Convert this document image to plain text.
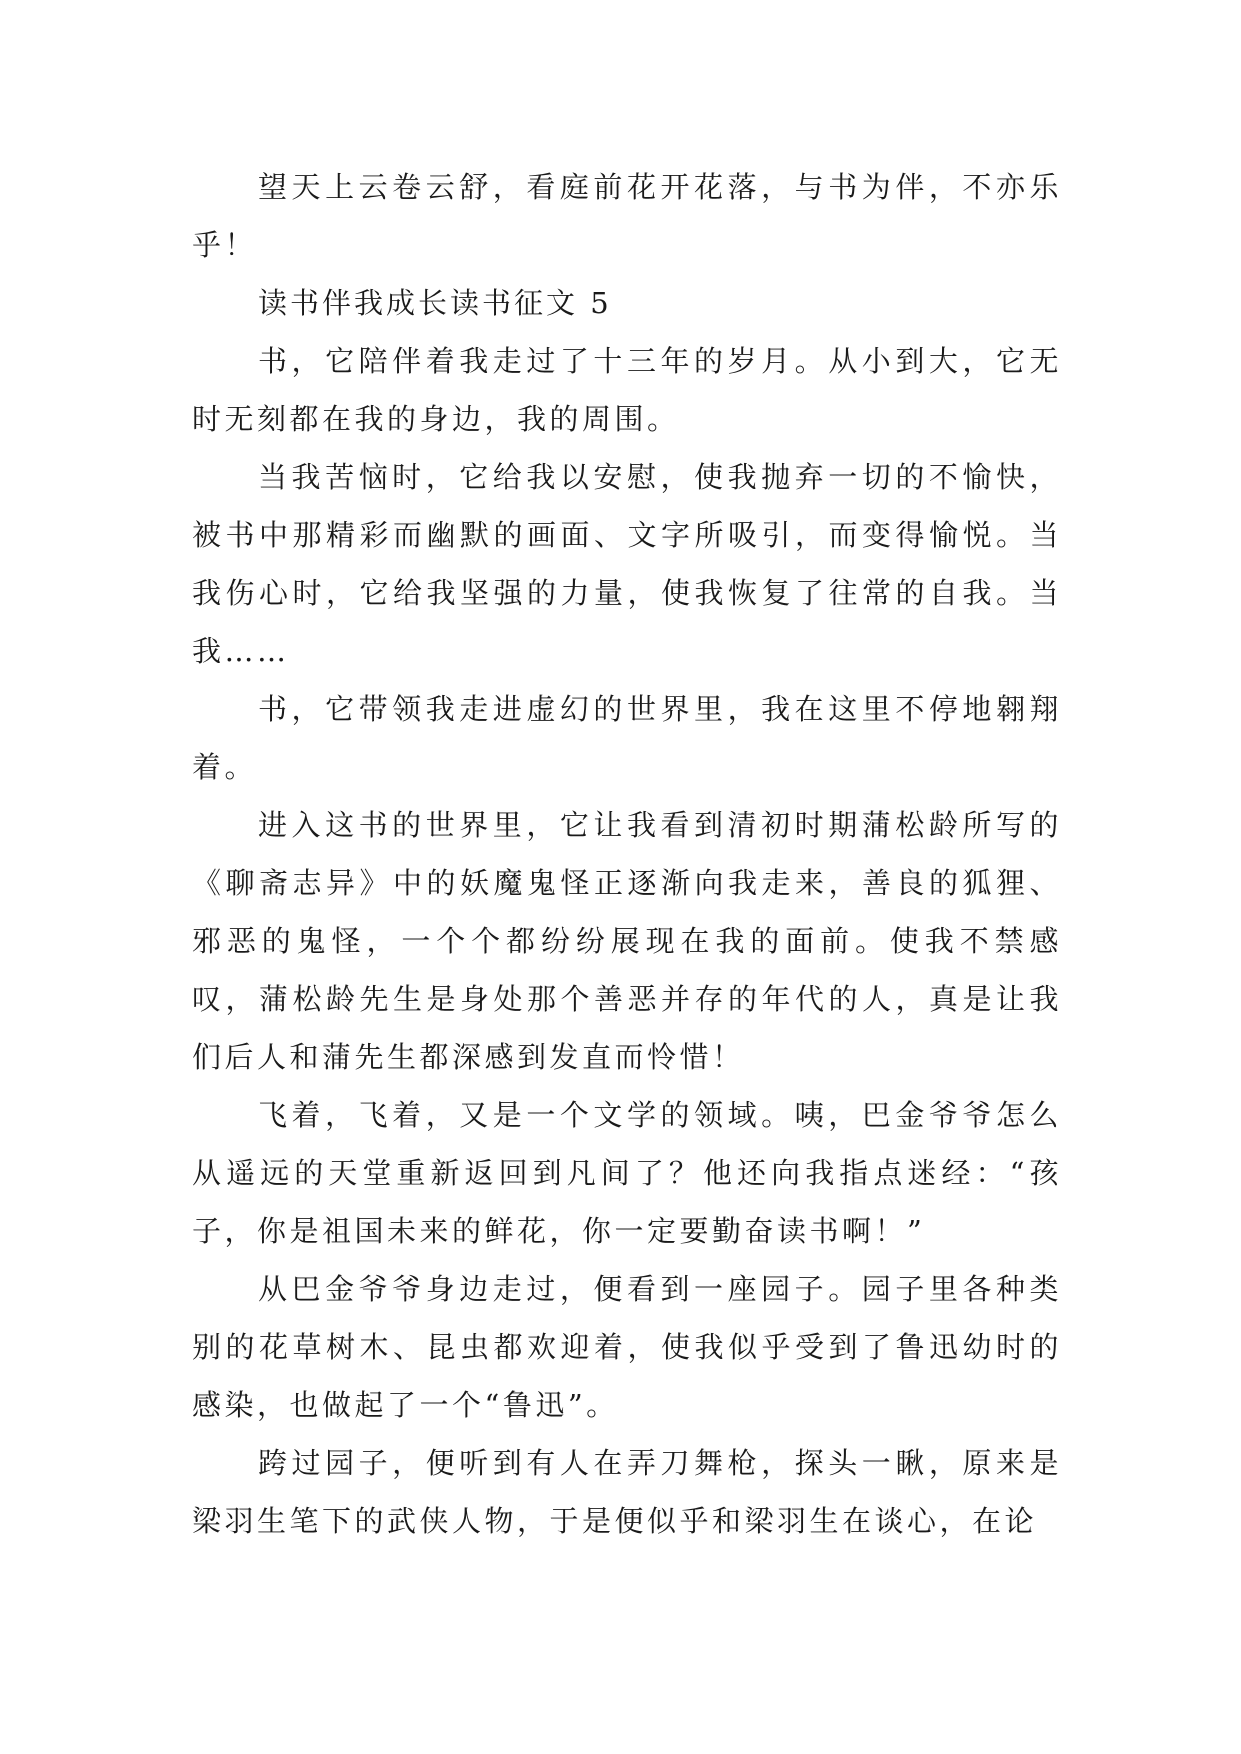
望天上云卷云舒，看庭前花开花落，与书为伴，不亦乐乎！

读书伴我成长读书征文 5

书，它陪伴着我走过了十三年的岁月。从小到大，它无时无刻都在我的身边，我的周围。

当我苦恼时，它给我以安慰，使我抛弃一切的不愉快，被书中那精彩而幽默的画面、文字所吸引，而变得愉悦。当我伤心时，它给我坚强的力量，使我恢复了往常的自我。当我……

书，它带领我走进虚幻的世界里，我在这里不停地翱翔着。

进入这书的世界里，它让我看到清初时期蒲松龄所写的《聊斋志异》中的妖魔鬼怪正逐渐向我走来，善良的狐狸、邪恶的鬼怪，一个个都纷纷展现在我的面前。使我不禁感叹，蒲松龄先生是身处那个善恶并存的年代的人，真是让我们后人和蒲先生都深感到发直而怜惜！

飞着，飞着，又是一个文学的领域。咦，巴金爷爷怎么从遥远的天堂重新返回到凡间了？他还向我指点迷经：“孩子，你是祖国未来的鲜花，你一定要勤奋读书啊！”

从巴金爷爷身边走过，便看到一座园子。园子里各种类别的花草树木、昆虫都欢迎着，使我似乎受到了鲁迅幼时的感染，也做起了一个“鲁迅”。

跨过园子，便听到有人在弄刀舞枪，探头一瞅，原来是梁羽生笔下的武侠人物，于是便似乎和梁羽生在谈心，在论
